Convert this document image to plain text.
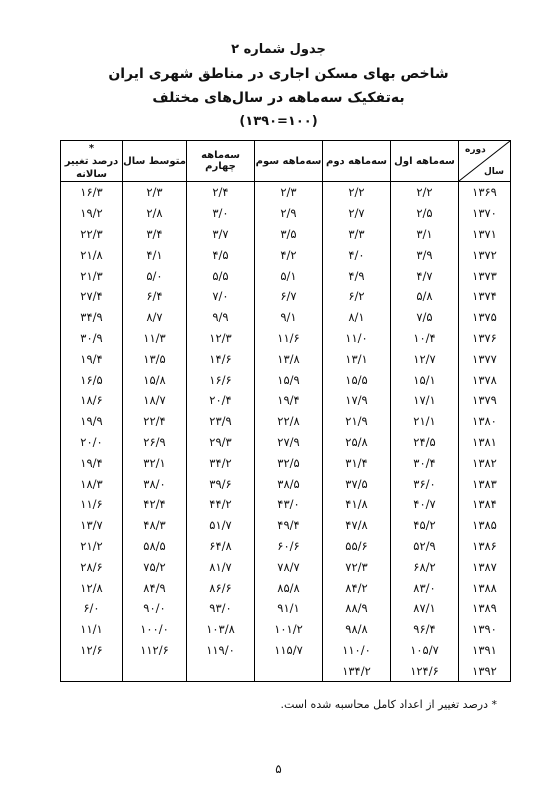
جدول شماره ۲
شاخص بهای مسکن اجاری در مناطق شهری ایران
به‌تفکیک سه‌ماهه در سال‌های مختلف
(۱۰۰=۱۳۹۰)
دوره
سال	سه‌ماهه اول	سه‌ماهه دوم	سه‌ماهه سوم	سه‌ماهه چهارم	متوسط سال	*
درصد تغییر سالانه
۱۳۶۹	۲/۲	۲/۲	۲/۳	۲/۴	۲/۳	۱۶/۳
۱۳۷۰	۲/۵	۲/۷	۲/۹	۳/۰	۲/۸	۱۹/۲
۱۳۷۱	۳/۱	۳/۳	۳/۵	۳/۷	۳/۴	۲۲/۳
۱۳۷۲	۳/۹	۴/۰	۴/۲	۴/۵	۴/۱	۲۱/۸
۱۳۷۳	۴/۷	۴/۹	۵/۱	۵/۵	۵/۰	۲۱/۳
۱۳۷۴	۵/۸	۶/۲	۶/۷	۷/۰	۶/۴	۲۷/۴
۱۳۷۵	۷/۵	۸/۱	۹/۱	۹/۹	۸/۷	۳۴/۹
۱۳۷۶	۱۰/۴	۱۱/۰	۱۱/۶	۱۲/۳	۱۱/۳	۳۰/۹
۱۳۷۷	۱۲/۷	۱۳/۱	۱۳/۸	۱۴/۶	۱۳/۵	۱۹/۴
۱۳۷۸	۱۵/۱	۱۵/۵	۱۵/۹	۱۶/۶	۱۵/۸	۱۶/۵
۱۳۷۹	۱۷/۱	۱۷/۹	۱۹/۴	۲۰/۴	۱۸/۷	۱۸/۶
۱۳۸۰	۲۱/۱	۲۱/۹	۲۲/۸	۲۳/۹	۲۲/۴	۱۹/۹
۱۳۸۱	۲۴/۵	۲۵/۸	۲۷/۹	۲۹/۳	۲۶/۹	۲۰/۰
۱۳۸۲	۳۰/۴	۳۱/۴	۳۲/۵	۳۴/۲	۳۲/۱	۱۹/۴
۱۳۸۳	۳۶/۰	۳۷/۵	۳۸/۵	۳۹/۶	۳۸/۰	۱۸/۳
۱۳۸۴	۴۰/۷	۴۱/۸	۴۳/۰	۴۴/۲	۴۲/۴	۱۱/۶
۱۳۸۵	۴۵/۲	۴۷/۸	۴۹/۴	۵۱/۷	۴۸/۳	۱۳/۷
۱۳۸۶	۵۲/۹	۵۵/۶	۶۰/۶	۶۴/۸	۵۸/۵	۲۱/۲
۱۳۸۷	۶۸/۲	۷۲/۳	۷۸/۷	۸۱/۷	۷۵/۲	۲۸/۶
۱۳۸۸	۸۳/۰	۸۴/۲	۸۵/۸	۸۶/۶	۸۴/۹	۱۲/۸
۱۳۸۹	۸۷/۱	۸۸/۹	۹۱/۱	۹۳/۰	۹۰/۰	۶/۰
۱۳۹۰	۹۶/۴	۹۸/۸	۱۰۱/۲	۱۰۳/۸	۱۰۰/۰	۱۱/۱
۱۳۹۱	۱۰۵/۷	۱۱۰/۰	۱۱۵/۷	۱۱۹/۰	۱۱۲/۶	۱۲/۶
۱۳۹۲	۱۲۴/۶	۱۳۴/۲				
* درصد تغییر از اعداد کامل محاسبه شده است.
۵
